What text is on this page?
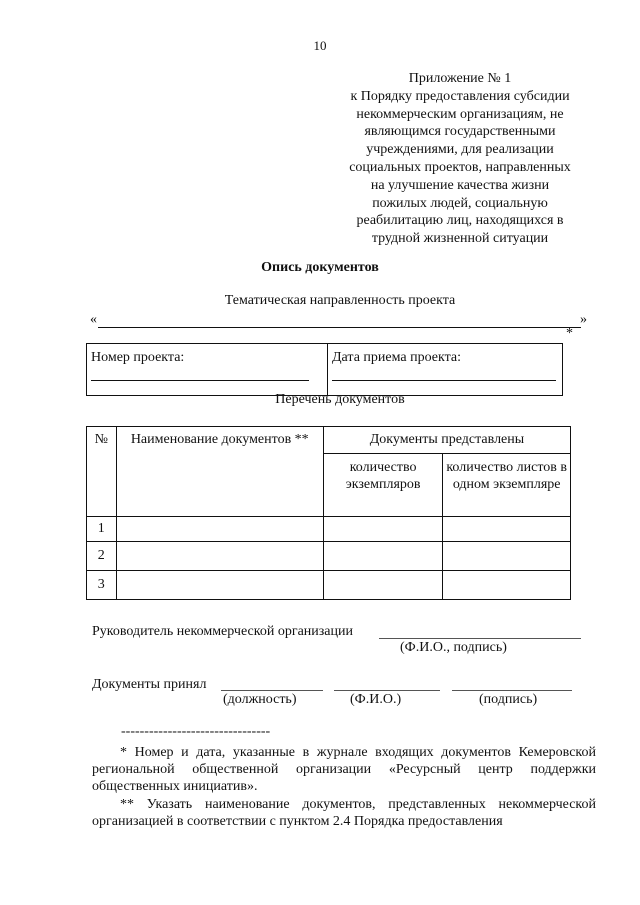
10
Приложение № 1
к Порядку предоставления субсидии
некоммерческим организациям, не
являющимся государственными
учреждениями, для реализации
социальных проектов, направленных
на улучшение качества жизни
пожилых людей, социальную
реабилитацию лиц, находящихся в
трудной жизненной ситуации
Опись документов
Тематическая направленность проекта
«	»
*
Номер проекта:	Дата приема проекта:
Перечень документов
№	Наименование документов **	Документы представлены	
		количество экземпляров	количество листов в одном экземпляре
1			
2			
3			
Руководитель некоммерческой организации
(Ф.И.О., подпись)
Документы принял
(должность)	(Ф.И.О.)	(подпись)
--------------------------------

* Номер и дата, указанные в журнале входящих документов Кемеровской региональной общественной организации «Ресурсный центр поддержки общественных инициатив».

** Указать наименование документов, представленных некоммерческой организацией в соответствии с пунктом 2.4 Порядка предоставления
